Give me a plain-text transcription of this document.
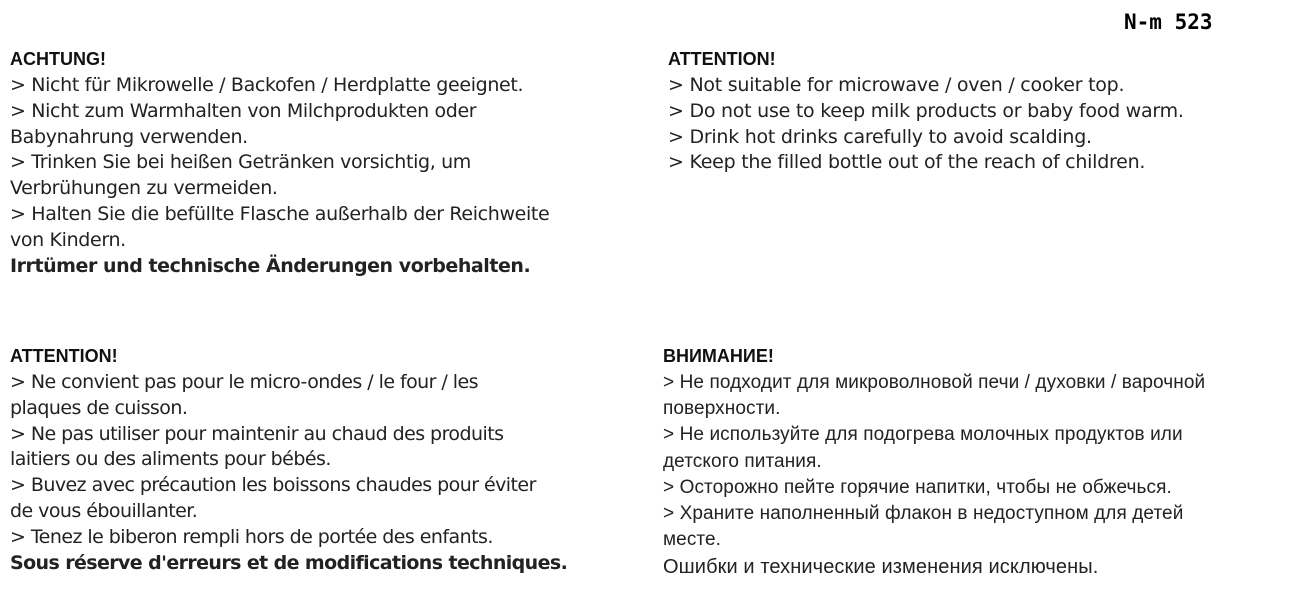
N-m 523
ACHTUNG!
> Nicht für Mikrowelle / Backofen / Herdplatte geeignet.
> Nicht zum Warmhalten von Milchprodukten oder
Babynahrung verwenden.
> Trinken Sie bei heißen Getränken vorsichtig, um
Verbrühungen zu vermeiden.
> Halten Sie die befüllte Flasche außerhalb der Reichweite
von Kindern.
Irrtümer und technische Änderungen vorbehalten.
ATTENTION!
> Not suitable for microwave / oven / cooker top.
> Do not use to keep milk products or baby food warm.
> Drink hot drinks carefully to avoid scalding.
> Keep the filled bottle out of the reach of children.
ATTENTION!
> Ne convient pas pour le micro-ondes / le four / les
plaques de cuisson.
> Ne pas utiliser pour maintenir au chaud des produits
laitiers ou des aliments pour bébés.
> Buvez avec précaution les boissons chaudes pour éviter
de vous ébouillanter.
> Tenez le biberon rempli hors de portée des enfants.
Sous réserve d'erreurs et de modifications techniques.
ВНИМАНИЕ!
> Не подходит для микроволновой печи / духовки / варочной
поверхности.
> Не используйте для подогрева молочных продуктов или
детского питания.
> Осторожно пейте горячие напитки, чтобы не обжечься.
> Храните наполненный флакон в недоступном для детей
месте.
Ошибки и технические изменения исключены.
